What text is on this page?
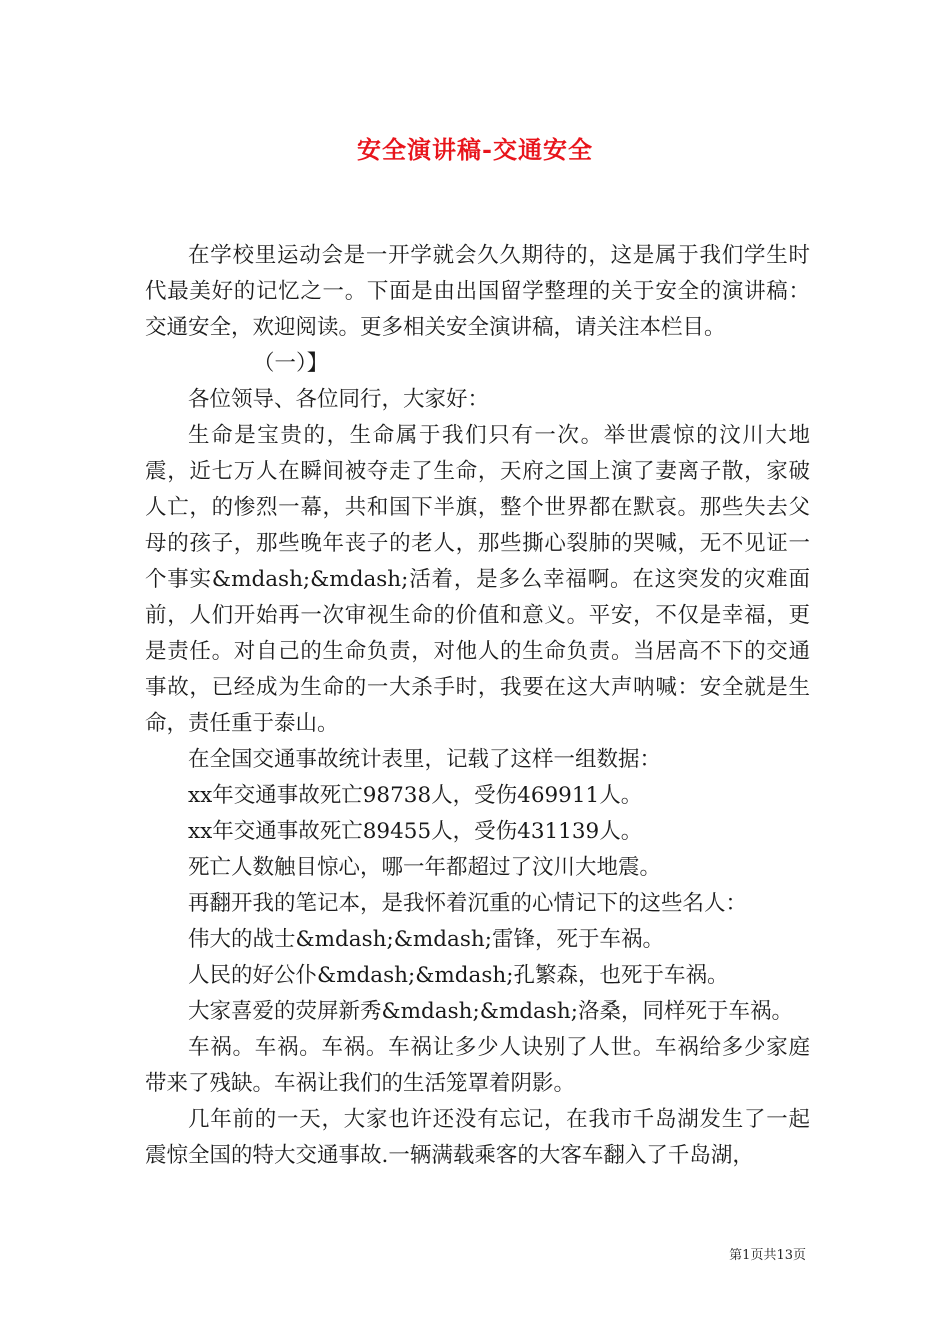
安全演讲稿-交通安全

在学校里运动会是一开学就会久久期待的，这是属于我们学生时代最美好的记忆之一。下面是由出国留学整理的关于安全的演讲稿：交通安全，欢迎阅读。更多相关安全演讲稿，请关注本栏目。

（一）】

各位领导、各位同行，大家好：

生命是宝贵的，生命属于我们只有一次。举世震惊的汶川大地震，近七万人在瞬间被夺走了生命，天府之国上演了妻离子散，家破人亡，的惨烈一幕，共和国下半旗，整个世界都在默哀。那些失去父母的孩子，那些晚年丧子的老人，那些撕心裂肺的哭喊，无不见证一个事实&mdash;&mdash;活着，是多么幸福啊。在这突发的灾难面前，人们开始再一次审视生命的价值和意义。平安，不仅是幸福，更是责任。对自己的生命负责，对他人的生命负责。当居高不下的交通事故，已经成为生命的一大杀手时，我要在这大声呐喊：安全就是生命，责任重于泰山。

在全国交通事故统计表里，记载了这样一组数据：

xx年交通事故死亡98738人，受伤469911人。

xx年交通事故死亡89455人，受伤431139人。

死亡人数触目惊心，哪一年都超过了汶川大地震。

再翻开我的笔记本，是我怀着沉重的心情记下的这些名人：

伟大的战士&mdash;&mdash;雷锋，死于车祸。

人民的好公仆&mdash;&mdash;孔繁森，也死于车祸。

大家喜爱的荧屏新秀&mdash;&mdash;洛桑，同样死于车祸。

车祸。车祸。车祸。车祸让多少人诀别了人世。车祸给多少家庭带来了残缺。车祸让我们的生活笼罩着阴影。

几年前的一天，大家也许还没有忘记，在我市千岛湖发生了一起震惊全国的特大交通事故.一辆满载乘客的大客车翻入了千岛湖，

第1页共13页
